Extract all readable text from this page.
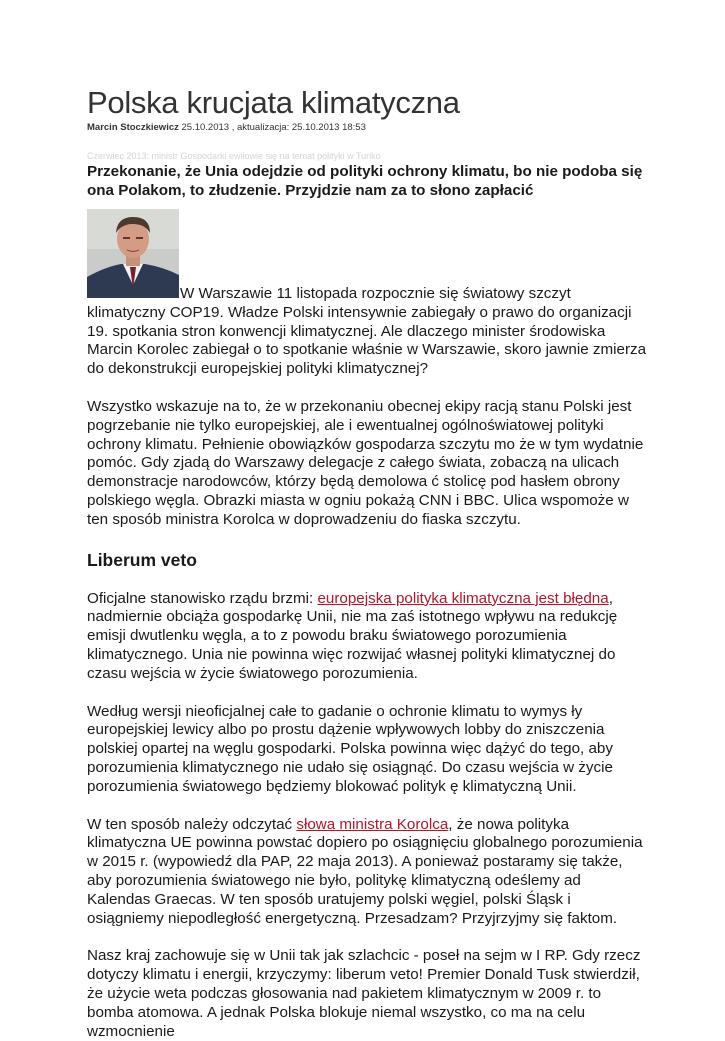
Polska krucjata klimatyczna
Marcin Stoczkiewicz 25.10.2013 , aktualizacja: 25.10.2013 18:53
Czerwiec 2013: ministr Gospodarki ewiłowie się na temat polityki w Turiko
Przekonanie, że Unia odejdzie od polityki ochrony klimatu, bo nie podoba się ona Polakom, to złudzenie. Przyjdzie nam za to słono zapłacić

W Warszawie 11 listopada rozpocznie się światowy szczyt klimatyczny COP19. Władze Polski intensywnie zabiegały o prawo do organizacji 19. spotkania stron konwencji klimatycznej. Ale dlaczego minister środowiska Marcin Korolec zabiegał o to spotkanie właśnie w Warszawie, skoro jawnie zmierza do dekonstrukcji europejskiej polityki klimatycznej?

Wszystko wskazuje na to, że w przekonaniu obecnej ekipy racją stanu Polski jest pogrzebanie nie tylko europejskiej, ale i ewentualnej ogólnoświatowej polityki ochrony klimatu. Pełnienie obowiązków gospodarza szczytu mo że w tym wydatnie pomóc. Gdy zjadą do Warszawy delegacje z całego świata, zobaczą na ulicach demonstracje narodowców, którzy będą demolowa ć stolicę pod hasłem obrony polskiego węgla. Obrazki miasta w ogniu pokażą CNN i BBC. Ulica wspomoże w ten sposób ministra Korolca w doprowadzeniu do fiaska szczytu.

Liberum veto

Oficjalne stanowisko rządu brzmi: europejska polityka klimatyczna jest błędna, nadmiernie obciąża gospodarkę Unii, nie ma zaś istotnego wpływu na redukcję emisji dwutlenku węgla, a to z powodu braku światowego porozumienia klimatycznego. Unia nie powinna więc rozwijać własnej polityki klimatycznej do czasu wejścia w życie światowego porozumienia.

Według wersji nieoficjalnej całe to gadanie o ochronie klimatu to wymys ły europejskiej lewicy albo po prostu dążenie wpływowych lobby do zniszczenia polskiej opartej na węglu gospodarki. Polska powinna więc dążyć do tego, aby porozumienia klimatycznego nie udało się osiągnąć. Do czasu wejścia w życie porozumienia światowego będziemy blokować polityk ę klimatyczną Unii.

W ten sposób należy odczytać słowa ministra Korolca, że nowa polityka klimatyczna UE powinna powstać dopiero po osiągnięciu globalnego porozumienia w 2015 r. (wypowiedź dla PAP, 22 maja 2013). A ponieważ postaramy się także, aby porozumienia światowego nie było, politykę klimatyczną odeślemy ad Kalendas Graecas. W ten sposób uratujemy polski węgiel, polski Śląsk i osiągniemy niepodległość energetyczną. Przesadzam? Przyjrzyjmy się faktom.

Nasz kraj zachowuje się w Unii tak jak szlachcic - poseł na sejm w I RP. Gdy rzecz dotyczy klimatu i energii, krzyczymy: liberum veto! Premier Donald Tusk stwierdził, że użycie weta podczas głosowania nad pakietem klimatycznym w 2009 r. to bomba atomowa. A jednak Polska blokuje niemal wszystko, co ma na celu wzmocnienie
